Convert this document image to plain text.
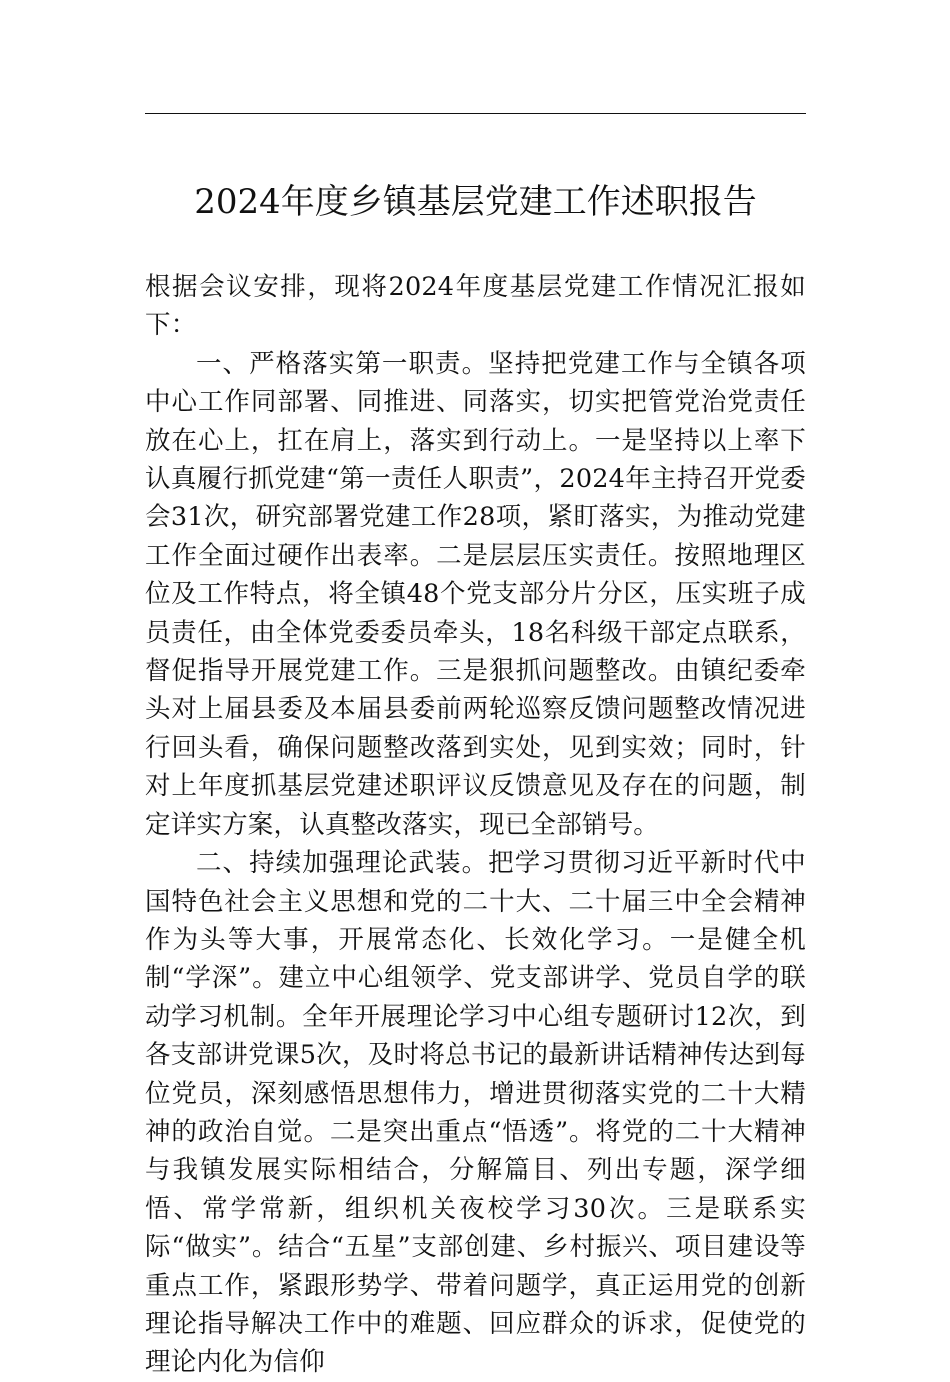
2024年度乡镇基层党建工作述职报告

根据会议安排，现将2024年度基层党建工作情况汇报如下：

一、严格落实第一职责。坚持把党建工作与全镇各项中心工作同部署、同推进、同落实，切实把管党治党责任放在心上，扛在肩上，落实到行动上。一是坚持以上率下认真履行抓党建“第一责任人职责”，2024年主持召开党委会31次，研究部署党建工作28项，紧盯落实，为推动党建工作全面过硬作出表率。二是层层压实责任。按照地理区位及工作特点，将全镇48个党支部分片分区，压实班子成员责任，由全体党委委员牵头，18名科级干部定点联系，督促指导开展党建工作。三是狠抓问题整改。由镇纪委牵头对上届县委及本届县委前两轮巡察反馈问题整改情况进行回头看，确保问题整改落到实处，见到实效；同时，针对上年度抓基层党建述职评议反馈意见及存在的问题，制定详实方案，认真整改落实，现已全部销号。

二、持续加强理论武装。把学习贯彻习近平新时代中国特色社会主义思想和党的二十大、二十届三中全会精神作为头等大事，开展常态化、长效化学习。一是健全机制“学深”。建立中心组领学、党支部讲学、党员自学的联动学习机制。全年开展理论学习中心组专题研讨12次，到各支部讲党课5次，及时将总书记的最新讲话精神传达到每位党员，深刻感悟思想伟力，增进贯彻落实党的二十大精神的政治自觉。二是突出重点“悟透”。将党的二十大精神与我镇发展实际相结合，分解篇目、列出专题，深学细悟、常学常新，组织机关夜校学习30次。三是联系实际“做实”。结合“五星”支部创建、乡村振兴、项目建设等重点工作，紧跟形势学、带着问题学，真正运用党的创新理论指导解决工作中的难题、回应群众的诉求，促使党的理论内化为信仰
